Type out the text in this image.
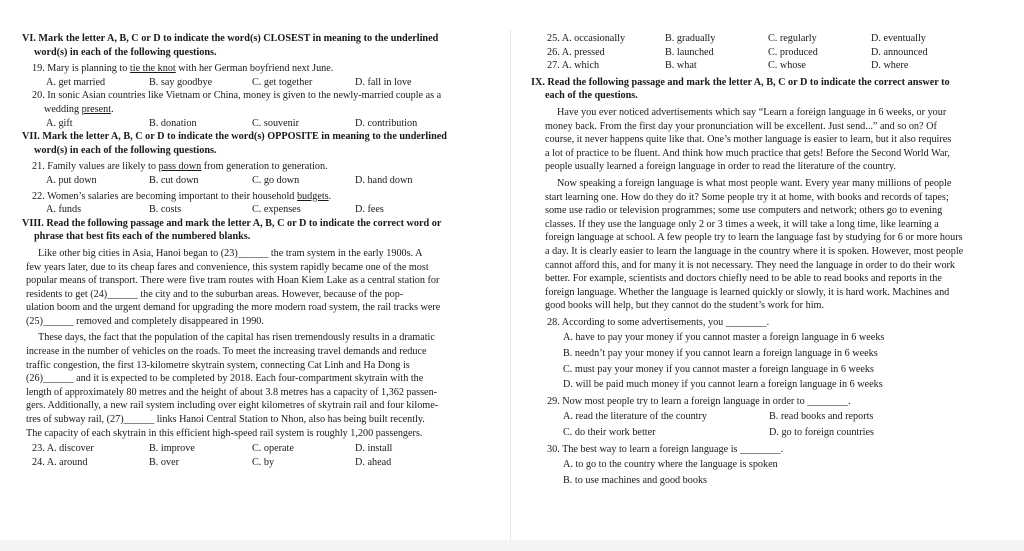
VI. Mark the letter A, B, C or D to indicate the word(s) CLOSEST in meaning to the underlined
word(s) in each of the following questions.
19. Mary is planning to tie the knot with her German boyfriend next June.
A. get married	B. say goodbye	C. get together	D. fall in love
20. In sonic Asian countries like Vietnam or China, money is given to the newly-married couple as a
wedding present.
A. gift	B. donation	C. souvenir	D. contribution
VII. Mark the letter A, B, C or D to indicate the word(s) OPPOSITE in meaning to the underlined
word(s) in each of the following questions.
21. Family values are likely to pass down from generation to generation.
A. put down	B. cut down	C. go down	D. hand down
22. Women’s salaries are becoming important to their household budgets.
A. funds	B. costs	C. expenses	D. fees
VIII. Read the following passage and mark the letter A, B, C or D to indicate the correct word or
phrase that best fits each of the numbered blanks.
Like other big cities in Asia, Hanoi began to (23)______ the tram system in the early 1900s. A
few years later, due to its cheap fares and convenience, this system rapidly became one of the most
popular means of transport. There were five tram routes with Hoan Kiem Lake as a central station for
residents to get (24)______ the city and to the suburban areas. However, because of the pop-
ulation boom and the urgent demand for upgrading the more modern road system, the rail tracks were
(25)______ removed and completely disappeared in 1990.
These days, the fact that the population of the capital has risen tremendously results in a dramatic
increase in the number of vehicles on the roads. To meet the increasing travel demands and reduce
traffic congestion, the first 13-kilometre skytrain system, connecting Cat Linh and Ha Dong is
(26)______ and it is expected to be completed by 2018. Each four-compartment skytrain with the
length of approximately 80 metres and the height of about 3.8 metres has a capacity of 1,362 passen-
gers. Additionally, a new rail system including over eight kilometres of skytrain rail and four kilome-
tres of subway rail, (27)______ links Hanoi Central Station to Nhon, also has being built recently.
The capacity of each skytrain in this efficient high-speed rail system is roughly 1,200 passengers.
23. A. discover	B. improve	C. operate	D. install
24. A. around	B. over	C. by	D. ahead
25. A. occasionally	B. gradually	C. regularly	D. eventually
26. A. pressed	B. launched	C. produced	D. announced
27. A. which	B. what	C. whose	D. where
IX. Read the following passage and mark the letter A, B, C or D to indicate the correct answer to
each of the questions.
Have you ever noticed advertisements which say “Learn a foreign language in 6 weeks, or your
money back. From the first day your pronunciation will be excellent. Just send...” and so on? Of
course, it never happens quite like that. One’s mother language is easier to learn, but it also requires
a lot of practice to be fluent. And think how much practice that gets! Before the Second World War,
people usually learned a foreign language in order to read the literature of the country.
Now speaking a foreign language is what most people want. Every year many millions of people
start learning one. How do they do it? Some people try it at home, with books and records of tapes;
some use radio or television programmes; some use computers and network; others go to evening
classes. If they use the language only 2 or 3 times a week, it will take a long time, like learning a
foreign language at school. A few people try to learn the language fast by studying for 6 or more hours
a day. It is clearly easier to learn the language in the country where it is spoken. However, most people
cannot afford this, and for many it is not necessary. They need the language in order to do their work
better. For example, scientists and doctors chiefly need to be able to read books and reports in the
foreign language. Whether the language is learned quickly or slowly, it is hard work. Machines and
good books will help, but they cannot do the student’s work for him.
28. According to some advertisements, you ________.
A. have to pay your money if you cannot master a foreign language in 6 weeks
B. needn’t pay your money if you cannot learn a foreign language in 6 weeks
C. must pay your money if you cannot master a foreign language in 6 weeks
D. will be paid much money if you cannot learn a foreign language in 6 weeks
29. Now most people try to learn a foreign language in order to ________.
A. read the literature of the country	B. read books and reports
C. do their work better	D. go to foreign countries
30. The best way to learn a foreign language is ________.
A. to go to the country where the language is spoken
B. to use machines and good books
